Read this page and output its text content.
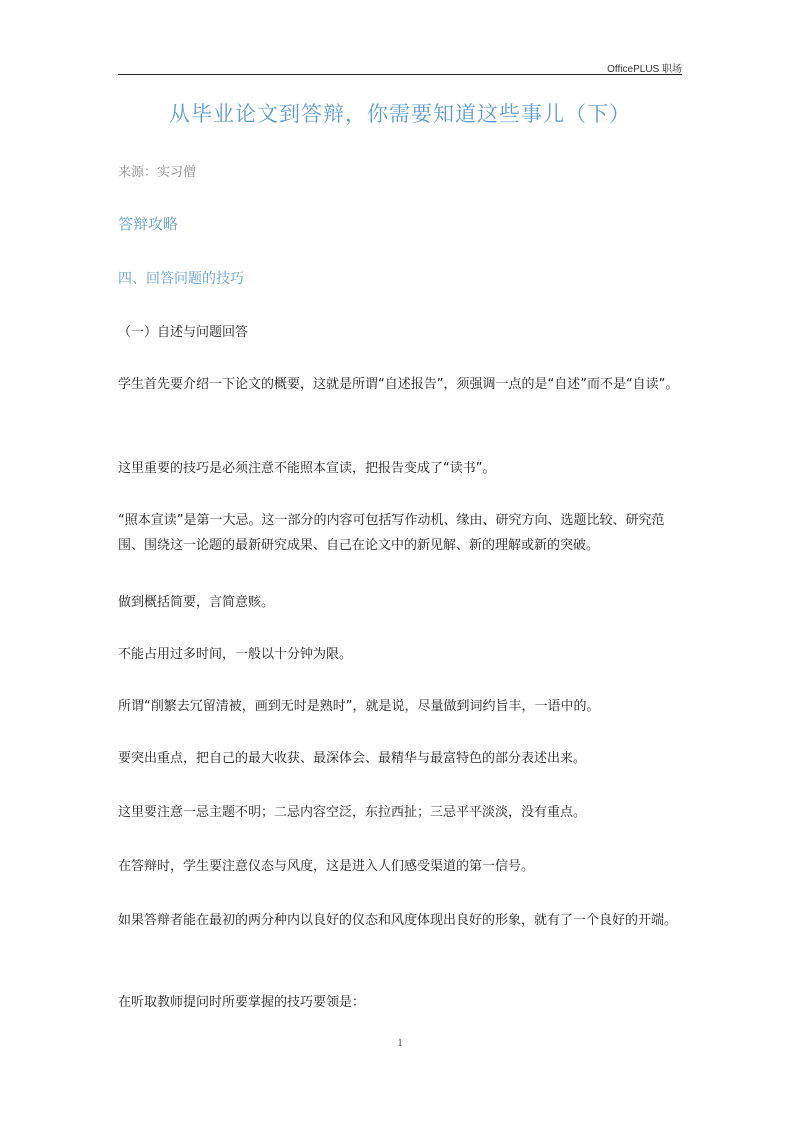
OfficePLUS 职场
从毕业论文到答辩，你需要知道这些事儿（下）
来源：实习僧
答辩攻略
四、回答问题的技巧
（一）自述与问题回答
学生首先要介绍一下论文的概要，这就是所谓“自述报告”，须强调一点的是“自述”而不是“自读”。
这里重要的技巧是必须注意不能照本宣读，把报告变成了“读书”。
“照本宣读”是第一大忌。这一部分的内容可包括写作动机、缘由、研究方向、选题比较、研究范围、围绕这一论题的最新研究成果、自己在论文中的新见解、新的理解或新的突破。
做到概括简要，言简意赅。
不能占用过多时间，一般以十分钟为限。
所谓“削繁去冗留清被，画到无时是熟时”，就是说，尽量做到词约旨丰，一语中的。
要突出重点，把自己的最大收获、最深体会、最精华与最富特色的部分表述出来。
这里要注意一忌主题不明；二忌内容空泛，东拉西扯；三忌平平淡淡，没有重点。
在答辩时，学生要注意仪态与风度，这是进入人们感受渠道的第一信号。
如果答辩者能在最初的两分种内以良好的仪态和风度体现出良好的形象，就有了一个良好的开端。
在听取教师提问时所要掌握的技巧要领是：
1
